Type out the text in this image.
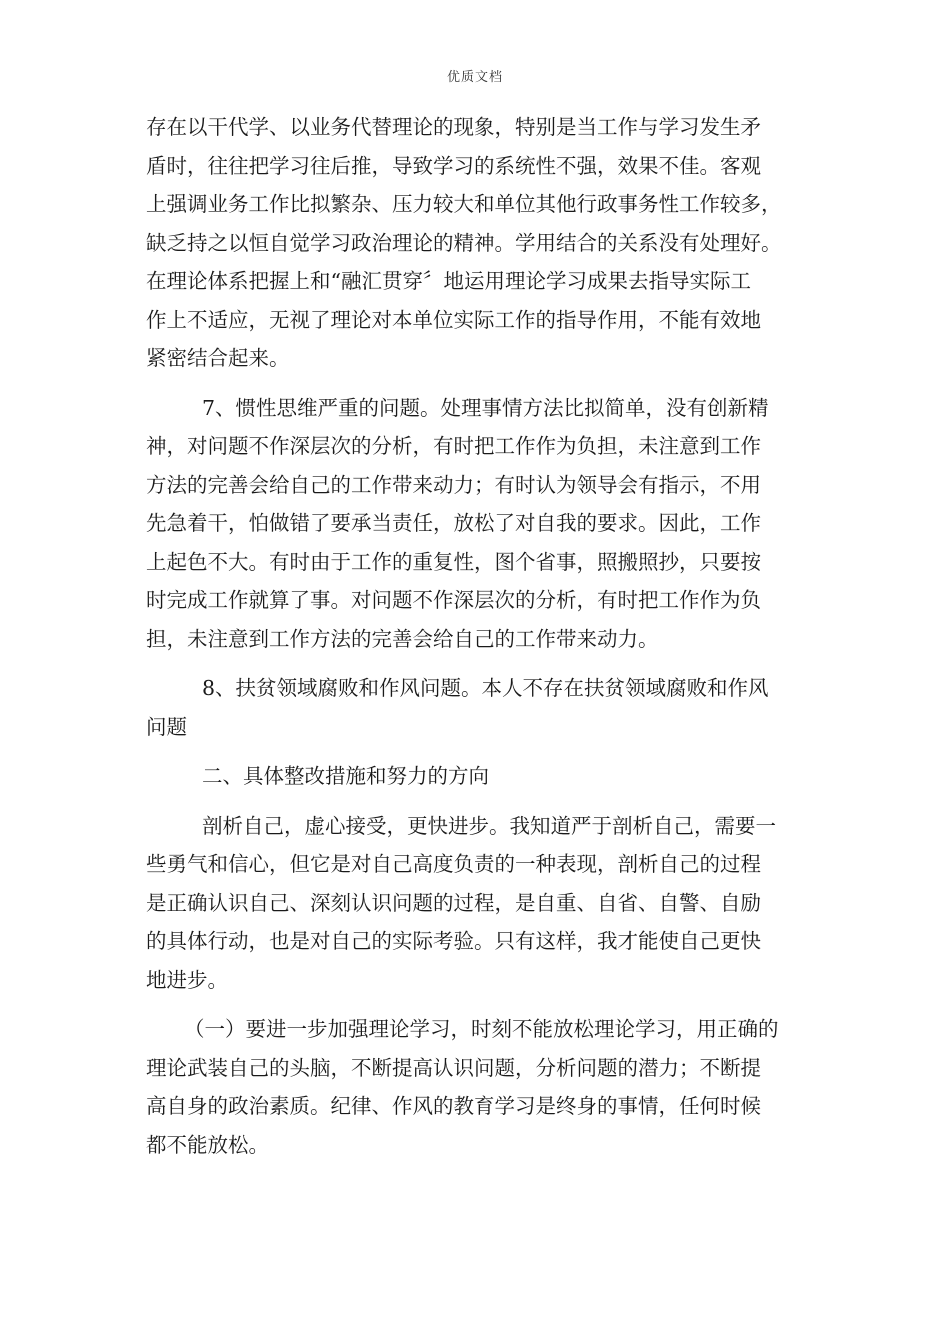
优质文档
存在以干代学、以业务代替理论的现象，特别是当工作与学习发生矛
盾时，往往把学习往后推，导致学习的系统性不强，效果不佳。客观
上强调业务工作比拟繁杂、压力较大和单位其他行政事务性工作较多，
缺乏持之以恒自觉学习政治理论的精神。学用结合的关系没有处理好。
在理论体系把握上和“融汇贯穿〞地运用理论学习成果去指导实际工
作上不适应，无视了理论对本单位实际工作的指导作用，不能有效地
紧密结合起来。
7、惯性思维严重的问题。处理事情方法比拟简单，没有创新精
神，对问题不作深层次的分析，有时把工作作为负担，未注意到工作
方法的完善会给自己的工作带来动力；有时认为领导会有指示，不用
先急着干，怕做错了要承当责任，放松了对自我的要求。因此，工作
上起色不大。有时由于工作的重复性，图个省事，照搬照抄，只要按
时完成工作就算了事。对问题不作深层次的分析，有时把工作作为负
担，未注意到工作方法的完善会给自己的工作带来动力。
8、扶贫领域腐败和作风问题。本人不存在扶贫领域腐败和作风
问题
二、具体整改措施和努力的方向
剖析自己，虚心接受，更快进步。我知道严于剖析自己，需要一
些勇气和信心，但它是对自己高度负责的一种表现，剖析自己的过程
是正确认识自己、深刻认识问题的过程，是自重、自省、自警、自励
的具体行动，也是对自己的实际考验。只有这样，我才能使自己更快
地进步。
（一）要进一步加强理论学习，时刻不能放松理论学习，用正确的
理论武装自己的头脑，不断提高认识问题，分析问题的潜力；不断提
高自身的政治素质。纪律、作风的教育学习是终身的事情，任何时候
都不能放松。
